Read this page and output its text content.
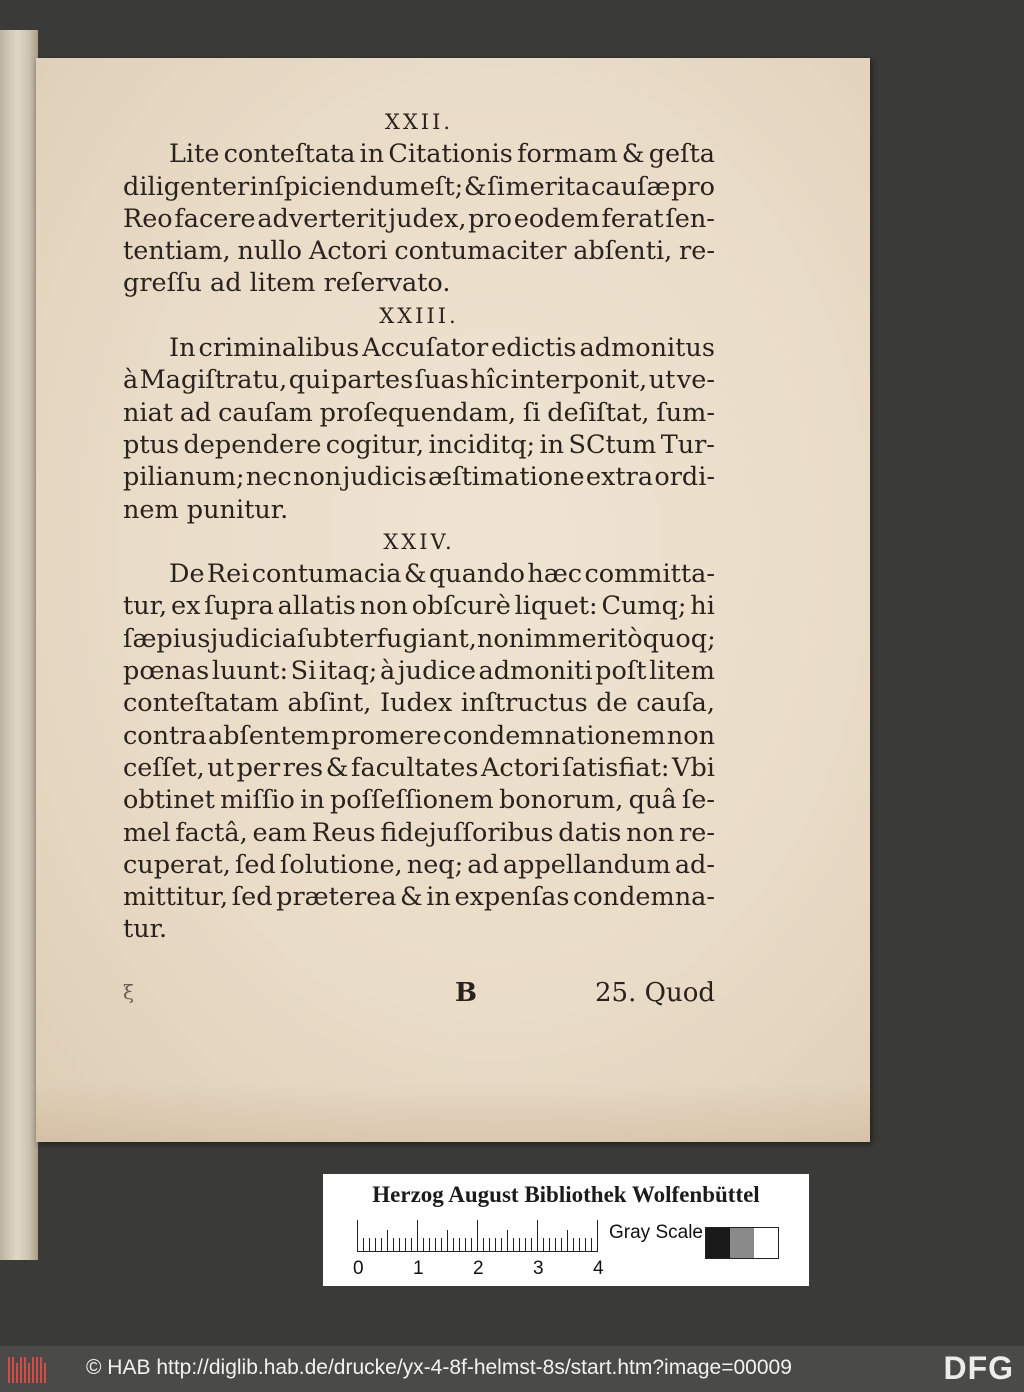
XXII.
Lite conteſtata in Citationis formam & geſta
diligenter inſpiciendum eſt; & ſi merita cauſæ pro
Reo facere adverterit judex, pro eodem ferat ſen-
tentiam, nullo Actori contumaciter abſenti, re-
greſſu ad litem reſervato.
XXIII.
In criminalibus Accuſator edictis admonitus
à Magiſtratu, qui partes ſuas hîc interponit, ut ve-
niat ad cauſam proſequendam, ſi deſiſtat, ſum-
ptus dependere cogitur, inciditq; in SCtum Tur-
pilianum; nec non judicis æſtimatione extra ordi-
nem punitur.
XXIV.
De Rei contumacia & quando hæc committa-
tur, ex ſupra allatis non obſcurè liquet: Cumq; hi
ſæpius judicia ſubterfugiant, non immeritò quoq;
pœnas luunt: Si itaq; à judice admoniti poſt litem
conteſtatam abſint, Iudex inſtructus de cauſa,
contra abſentem promere condemnationem non
ceſſet, ut per res & facultates Actori ſatisfiat: Vbi
obtinet miſſio in poſſeſſionem bonorum, quâ ſe-
mel factâ, eam Reus fidejuſſoribus datis non re-
cuperat, ſed ſolutione, neq; ad appellandum ad-
mittitur, ſed præterea & in expenſas condemna-
tur.
ξ	B	25. Quod
Herzog August Bibliothek Wolfenbüttel
0	1	2	3	4
Gray Scale
© HAB http://diglib.hab.de/drucke/yx-4-8f-helmst-8s/start.htm?image=00009	DFG
